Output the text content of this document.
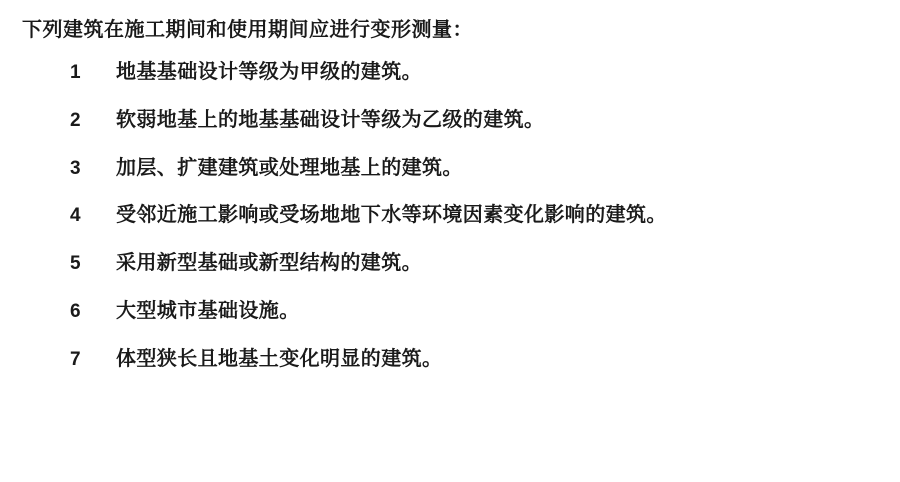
下列建筑在施工期间和使用期间应进行变形测量：
1	地基基础设计等级为甲级的建筑。
2	软弱地基上的地基基础设计等级为乙级的建筑。
3	加层、扩建建筑或处理地基上的建筑。
4	受邻近施工影响或受场地地下水等环境因素变化影响的建筑。
5	采用新型基础或新型结构的建筑。
6	大型城市基础设施。
7	体型狭长且地基土变化明显的建筑。
